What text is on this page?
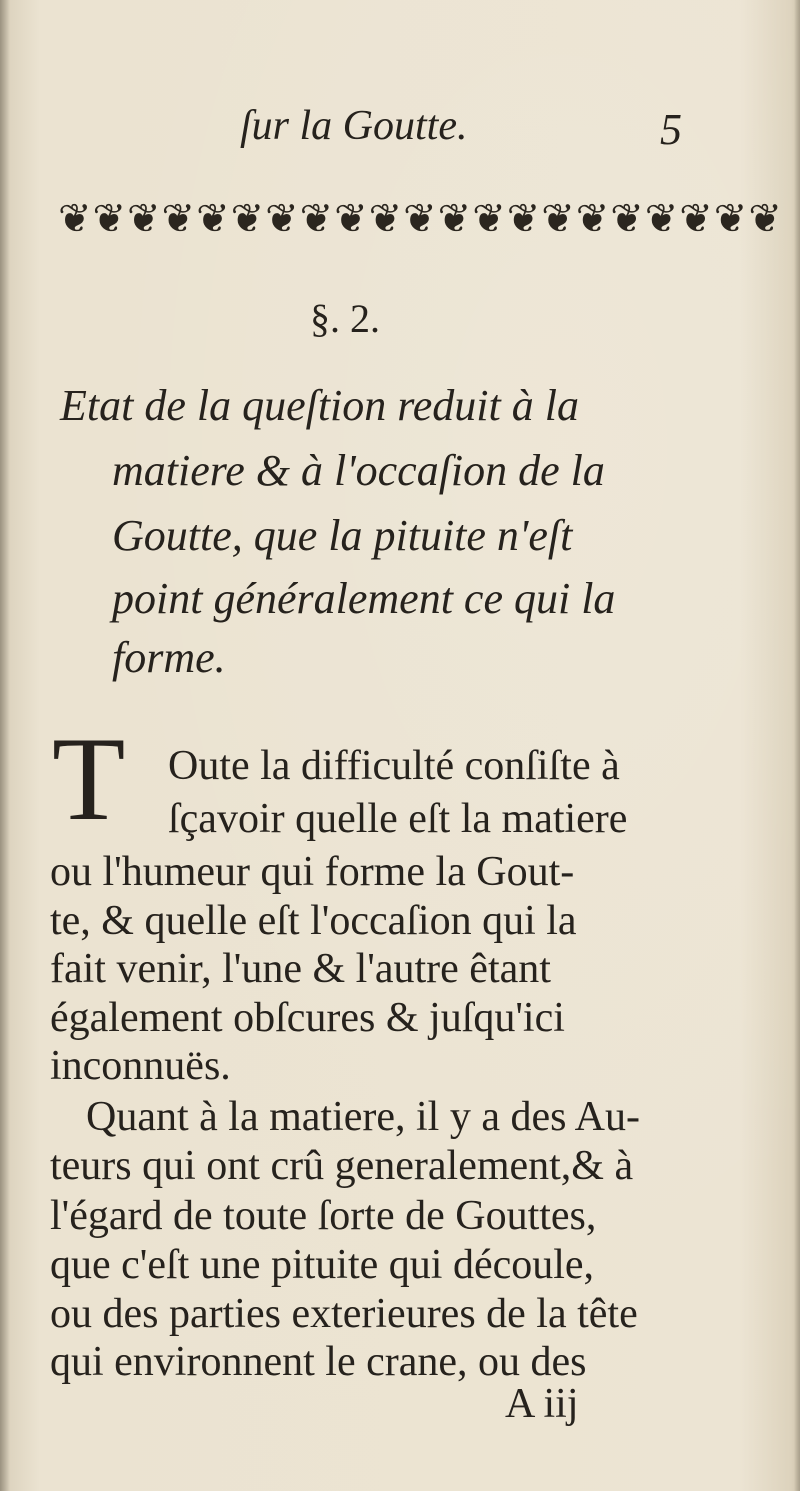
ſur la Goutte.	5
❦❦❦❦❦❦❦❦❦❦❦❦❦❦❦❦❦❦❦❦❦
§. 2.
Etat de la queſtion reduit à la
matiere & à l'occaſion de la
Goutte, que la pituite n'eſt
point généralement ce qui la
forme.
T Oute la difficulté conſiſte à
ſçavoir quelle eſt la matiere
ou l'humeur qui forme la Gout-
te, & quelle eſt l'occaſion qui la
fait venir, l'une & l'autre êtant
également obſcures & juſqu'ici
inconnuës.
Quant à la matiere, il y a des Au-
teurs qui ont crû generalement,& à
l'égard de toute ſorte de Gouttes,
que c'eſt une pituite qui découle,
ou des parties exterieures de la tête
qui environnent le crane, ou des
A iij
